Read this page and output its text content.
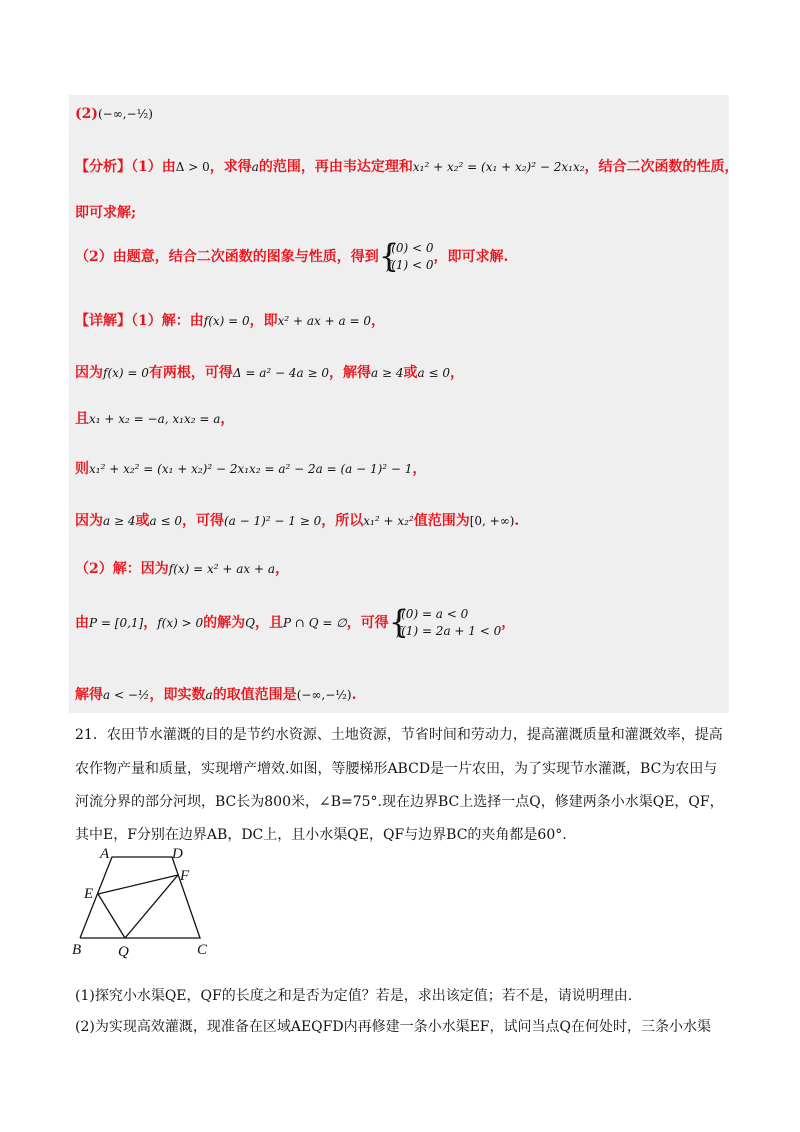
(2)(−∞,−½)
【分析】（1）由Δ > 0，求得a的范围，再由韦达定理和x₁² + x₂² = (x₁ + x₂)² − 2x₁x₂，结合二次函数的性质，
即可求解;
（2）由题意，结合二次函数的图象与性质，得到 {
f(0) < 0
f(1) < 0 ，即可求解.
【详解】（1）解：由f(x) = 0，即x² + ax + a = 0，
因为f(x) = 0有两根，可得Δ = a² − 4a ≥ 0，解得a ≥ 4或a ≤ 0，
且x₁ + x₂ = −a, x₁x₂ = a，
则x₁² + x₂² = (x₁ + x₂)² − 2x₁x₂ = a² − 2a = (a − 1)² − 1，
因为a ≥ 4或a ≤ 0，可得(a − 1)² − 1 ≥ 0，所以x₁² + x₂²值范围为[0, +∞).
（2）解：因为f(x) = x² + ax + a，
由P = [0,1]，f(x) > 0的解为Q，且P ∩ Q = ∅，可得 {
f(0) = a < 0
f(1) = 2a + 1 < 0 ，
解得a < −½，即实数a的取值范围是(−∞,−½).
21．农田节水灌溉的目的是节约水资源、土地资源，节省时间和劳动力，提高灌溉质量和灌溉效率，提高
农作物产量和质量，实现增产增效.如图，等腰梯形ABCD是一片农田，为了实现节水灌溉，BC为农田与
河流分界的部分河坝，BC长为800米，∠B=75°.现在边界BC上选择一点Q，修建两条小水渠QE，QF，
其中E，F分别在边界AB，DC上，且小水渠QE，QF与边界BC的夹角都是60°.
A	D
E
F
B Q	C
(1)探究小水渠QE，QF的长度之和是否为定值？若是，求出该定值；若不是，请说明理由.
(2)为实现高效灌溉，现准备在区域AEQFD内再修建一条小水渠EF，试问当点Q在何处时，三条小水渠
